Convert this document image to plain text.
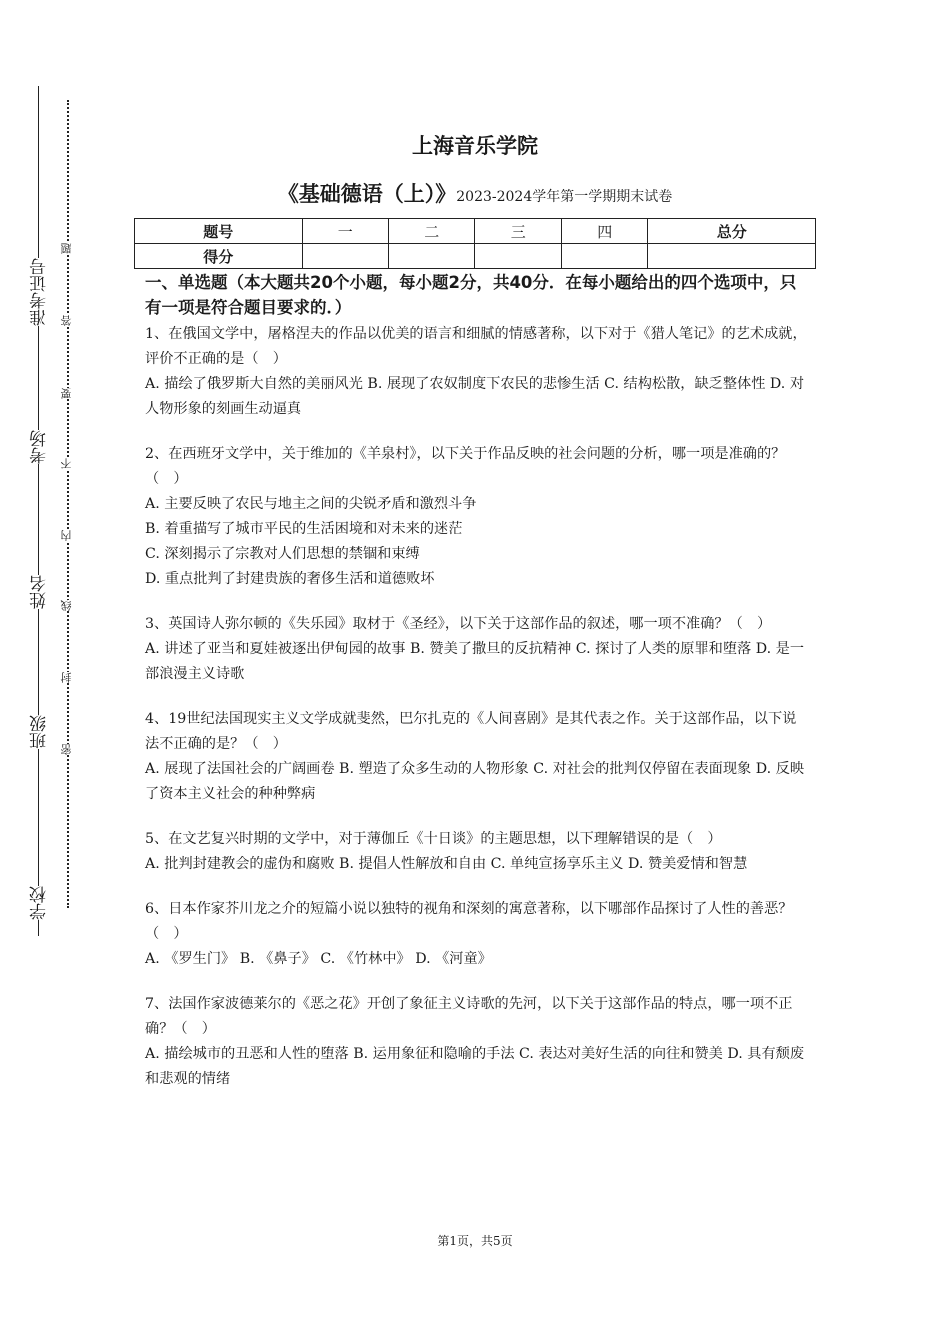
准考证号
考场
姓名
班级
学校
题
答
要
不
内
线
封
密
上海音乐学院
《基础德语（上）》2023-2024学年第一学期期末试卷
题号	一	二	三	四	总分
得分					

一、单选题（本大题共20个小题，每小题2分，共40分．在每小题给出的四个选项中，只有一项是符合题目要求的．）

1、在俄国文学中，屠格涅夫的作品以优美的语言和细腻的情感著称，以下对于《猎人笔记》的艺术成就，评价不正确的是（　）

A. 描绘了俄罗斯大自然的美丽风光 B. 展现了农奴制度下农民的悲惨生活 C. 结构松散，缺乏整体性 D. 对人物形象的刻画生动逼真

2、在西班牙文学中，关于维加的《羊泉村》，以下关于作品反映的社会问题的分析，哪一项是准确的？（　）

A. 主要反映了农民与地主之间的尖锐矛盾和激烈斗争

B. 着重描写了城市平民的生活困境和对未来的迷茫

C. 深刻揭示了宗教对人们思想的禁锢和束缚

D. 重点批判了封建贵族的奢侈生活和道德败坏

3、英国诗人弥尔顿的《失乐园》取材于《圣经》，以下关于这部作品的叙述，哪一项不准确？（　）

A. 讲述了亚当和夏娃被逐出伊甸园的故事 B. 赞美了撒旦的反抗精神 C. 探讨了人类的原罪和堕落 D. 是一部浪漫主义诗歌

4、19世纪法国现实主义文学成就斐然，巴尔扎克的《人间喜剧》是其代表之作。关于这部作品，以下说法不正确的是？（　）

A. 展现了法国社会的广阔画卷 B. 塑造了众多生动的人物形象 C. 对社会的批判仅停留在表面现象 D. 反映了资本主义社会的种种弊病

5、在文艺复兴时期的文学中，对于薄伽丘《十日谈》的主题思想，以下理解错误的是（　）

A. 批判封建教会的虚伪和腐败 B. 提倡人性解放和自由 C. 单纯宣扬享乐主义 D. 赞美爱情和智慧

6、日本作家芥川龙之介的短篇小说以独特的视角和深刻的寓意著称，以下哪部作品探讨了人性的善恶？（　）

A. 《罗生门》 B. 《鼻子》 C. 《竹林中》 D. 《河童》

7、法国作家波德莱尔的《恶之花》开创了象征主义诗歌的先河，以下关于这部作品的特点，哪一项不正确？（　）

A. 描绘城市的丑恶和人性的堕落 B. 运用象征和隐喻的手法 C. 表达对美好生活的向往和赞美 D. 具有颓废和悲观的情绪

第1页，共5页
